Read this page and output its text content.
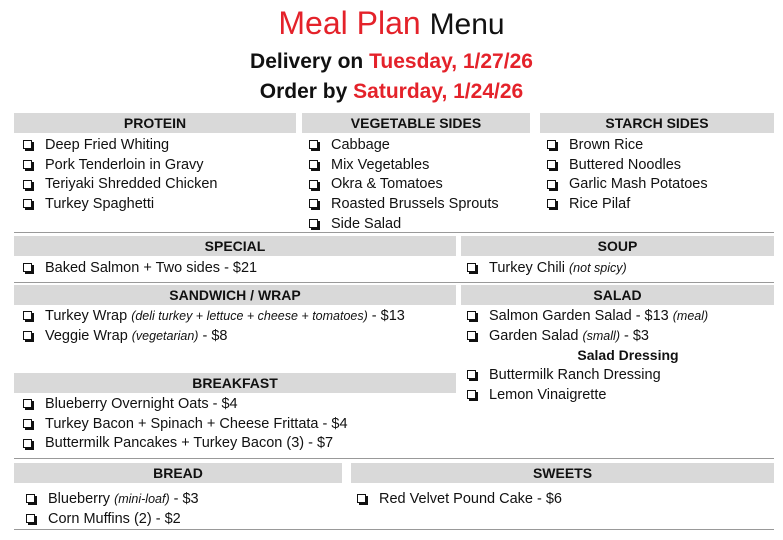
Meal Plan Menu
Delivery on Tuesday, 1/27/26
Order by Saturday, 1/24/26
PROTEIN
Deep Fried Whiting
Pork Tenderloin in Gravy
Teriyaki Shredded Chicken
Turkey Spaghetti
VEGETABLE SIDES
Cabbage
Mix Vegetables
Okra & Tomatoes
Roasted Brussels Sprouts
Side Salad
STARCH SIDES
Brown Rice
Buttered Noodles
Garlic Mash Potatoes
Rice Pilaf
SPECIAL
Baked Salmon + Two sides - $21
SOUP
Turkey Chili (not spicy)
SANDWICH / WRAP
Turkey Wrap (deli turkey + lettuce + cheese + tomatoes) - $13
Veggie Wrap (vegetarian) - $8
SALAD
Salmon Garden Salad - $13 (meal)
Garden Salad (small) - $3
Salad Dressing
Buttermilk Ranch Dressing
Lemon Vinaigrette
BREAKFAST
Blueberry Overnight Oats - $4
Turkey Bacon + Spinach + Cheese Frittata - $4
Buttermilk Pancakes + Turkey Bacon (3) - $7
BREAD
Blueberry (mini-loaf) - $3
Corn Muffins (2) - $2
SWEETS
Red Velvet Pound Cake - $6
